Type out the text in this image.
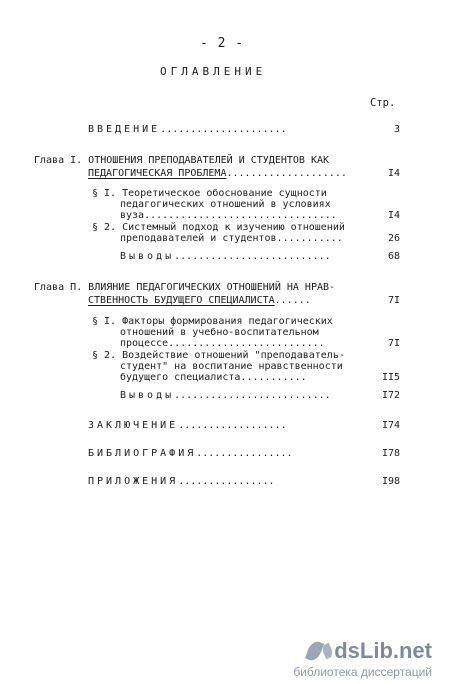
- 2 -
ОГЛАВЛЕНИЕ
Стр.
ВВЕДЕНИЕ.....................	3
Глава I. ОТНОШЕНИЯ ПРЕПОДАВАТЕЛЕЙ И СТУДЕНТОВ КАК
ПЕДАГОГИЧЕСКАЯ ПРОБЛЕМА....................	I4
§ I. Теоретическое обоснование сущности
педагогических отношений в условиях
вуза................................	I4
§ 2. Системный подход к изучению отношений
преподавателей и студентов...........	26
Выводы..........................	68
Глава П. ВЛИЯНИЕ ПЕДАГОГИЧЕСКИХ ОТНОШЕНИЙ НА НРАВ-
СТВЕННОСТЬ БУДУЩЕГО СПЕЦИАЛИСТА......	7I
§ I. Факторы формирования педагогических
отношений в учебно-воспитательном
процессе..........................	7I
§ 2. Воздействие отношений "преподаватель-
студент" на воспитание нравственности
будущего специалиста...........	II5
Выводы..........................	I72
ЗАКЛЮЧЕНИЕ..................	I74
БИБЛИОГРАФИЯ................	I78
ПРИЛОЖЕНИЯ................	I98
dsLib.net
библиотека диссертаций
